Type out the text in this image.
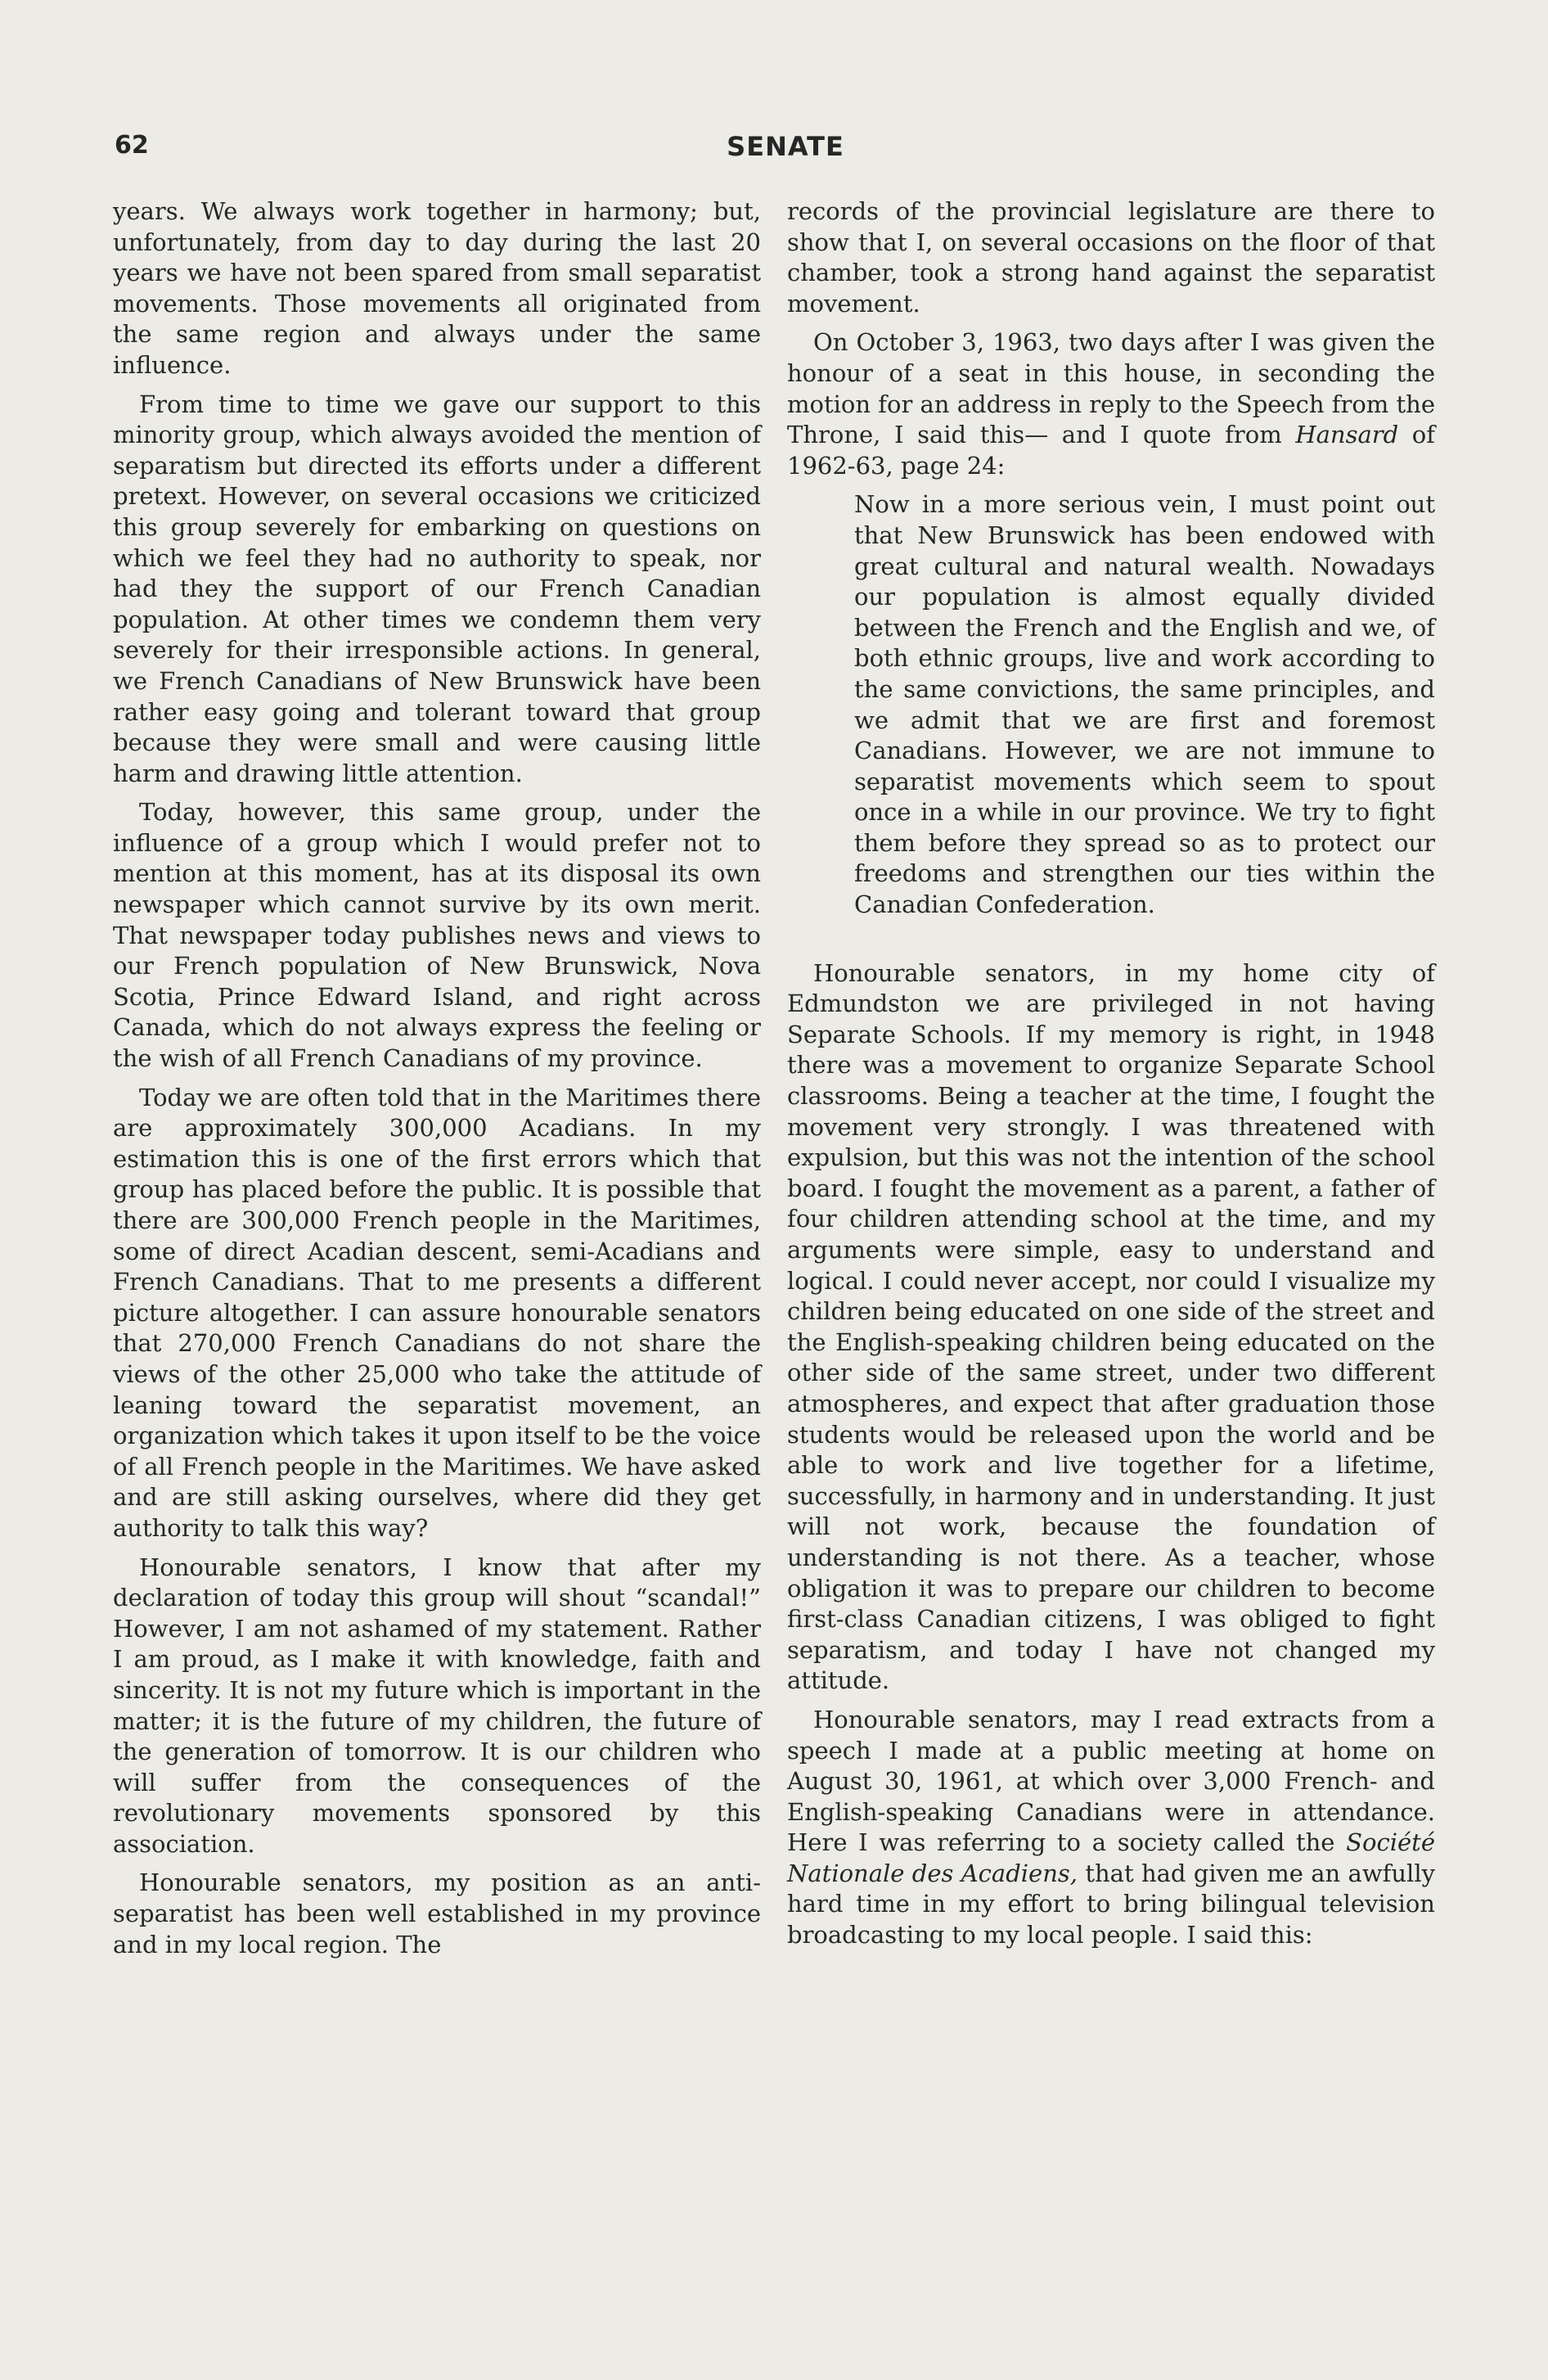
62	SENATE

years. We always work together in harmony; but, unfortunately, from day to day during the last 20 years we have not been spared from small separatist movements. Those movements all originated from the same region and always under the same influence.

From time to time we gave our support to this minority group, which always avoided the mention of separatism but directed its efforts under a different pretext. However, on several occasions we criticized this group severely for embarking on questions on which we feel they had no authority to speak, nor had they the support of our French Canadian population. At other times we condemn them very severely for their irresponsible actions. In general, we French Canadians of New Brunswick have been rather easy going and tolerant toward that group because they were small and were causing little harm and drawing little attention.

Today, however, this same group, under the influence of a group which I would prefer not to mention at this moment, has at its disposal its own newspaper which cannot survive by its own merit. That newspaper today publishes news and views to our French population of New Brunswick, Nova Scotia, Prince Edward Island, and right across Canada, which do not always express the feeling or the wish of all French Canadians of my province.

Today we are often told that in the Maritimes there are approximately 300,000 Acadians. In my estimation this is one of the first errors which that group has placed before the public. It is possible that there are 300,000 French people in the Maritimes, some of direct Acadian descent, semi-Acadians and French Canadians. That to me presents a different picture altogether. I can assure honourable senators that 270,000 French Canadians do not share the views of the other 25,000 who take the attitude of leaning toward the separatist movement, an organization which takes it upon itself to be the voice of all French people in the Maritimes. We have asked and are still asking ourselves, where did they get authority to talk this way?

Honourable senators, I know that after my declaration of today this group will shout “scandal!” However, I am not ashamed of my statement. Rather I am proud, as I make it with knowledge, faith and sincerity. It is not my future which is important in the matter; it is the future of my children, the future of the generation of tomorrow. It is our children who will suffer from the consequences of the revolutionary movements sponsored by this association.

Honourable senators, my position as an anti-separatist has been well established in my province and in my local region. The

records of the provincial legislature are there to show that I, on several occasions on the floor of that chamber, took a strong hand against the separatist movement.

On October 3, 1963, two days after I was given the honour of a seat in this house, in seconding the motion for an address in reply to the Speech from the Throne, I said this— and I quote from Hansard of 1962-63, page 24:

Now in a more serious vein, I must point out that New Brunswick has been endowed with great cultural and natural wealth. Nowadays our population is almost equally divided between the French and the English and we, of both ethnic groups, live and work according to the same convictions, the same principles, and we admit that we are first and foremost Canadians. However, we are not immune to separatist movements which seem to spout once in a while in our province. We try to fight them before they spread so as to protect our freedoms and strengthen our ties within the Canadian Confederation.

Honourable senators, in my home city of Edmundston we are privileged in not having Separate Schools. If my memory is right, in 1948 there was a movement to organize Separate School classrooms. Being a teacher at the time, I fought the movement very strongly. I was threatened with expulsion, but this was not the intention of the school board. I fought the movement as a parent, a father of four children attending school at the time, and my arguments were simple, easy to understand and logical. I could never accept, nor could I visualize my children being educated on one side of the street and the English-speaking children being educated on the other side of the same street, under two different atmospheres, and expect that after graduation those students would be released upon the world and be able to work and live together for a lifetime, successfully, in harmony and in understanding. It just will not work, because the foundation of understanding is not there. As a teacher, whose obligation it was to prepare our children to become first-class Canadian citizens, I was obliged to fight separatism, and today I have not changed my attitude.

Honourable senators, may I read extracts from a speech I made at a public meeting at home on August 30, 1961, at which over 3,000 French- and English-speaking Canadians were in attendance. Here I was referring to a society called the Société Nationale des Acadiens, that had given me an awfully hard time in my effort to bring bilingual television broadcasting to my local people. I said this:
